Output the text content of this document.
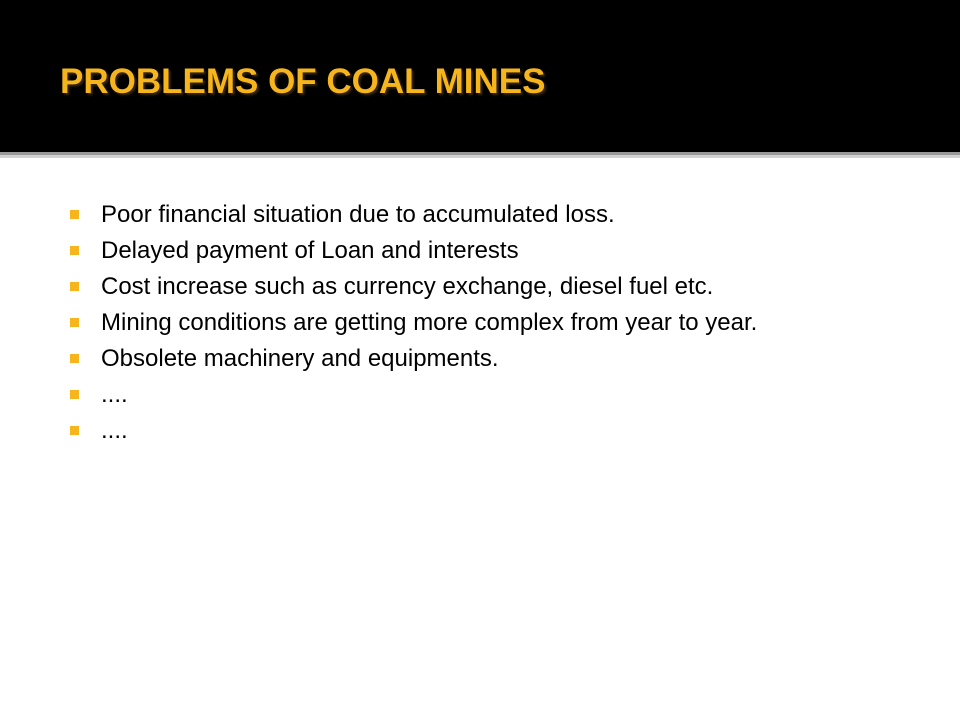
PROBLEMS OF COAL MINES
Poor financial situation due to accumulated loss.
Delayed payment of Loan and interests
Cost increase such as currency exchange, diesel fuel etc.
Mining conditions are getting more complex from year to year.
Obsolete machinery and equipments.
....
....
